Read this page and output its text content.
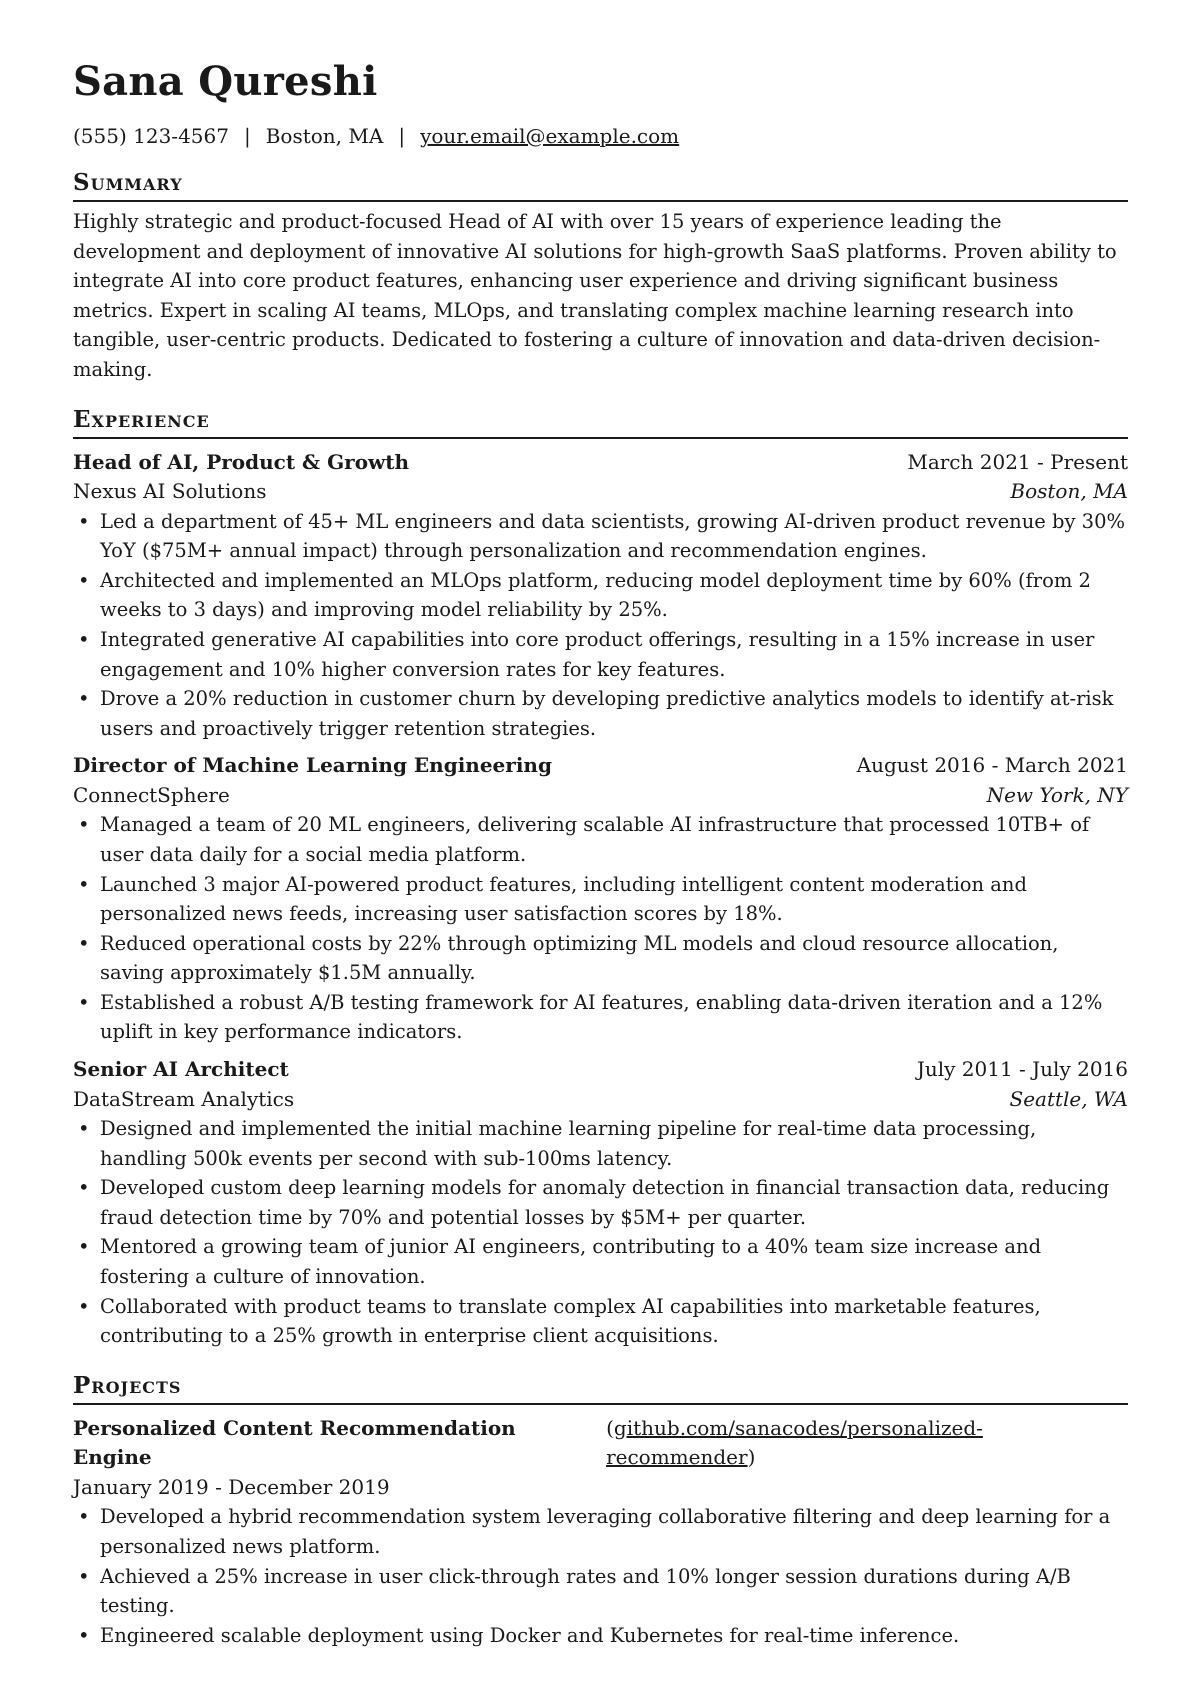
Sana Qureshi
(555) 123-4567 | Boston, MA | your.email@example.com
Summary

Highly strategic and product-focused Head of AI with over 15 years of experience leading the development and deployment of innovative AI solutions for high-growth SaaS platforms. Proven ability to integrate AI into core product features, enhancing user experience and driving significant business metrics. Expert in scaling AI teams, MLOps, and translating complex machine learning research into tangible, user-centric products. Dedicated to fostering a culture of innovation and data-driven decision-making.

Experience
Head of AI, Product & Growth	March 2021 - Present
Nexus AI Solutions	Boston, MA
• Led a department of 45+ ML engineers and data scientists, growing AI-driven product revenue by 30% YoY ($75M+ annual impact) through personalization and recommendation engines.
• Architected and implemented an MLOps platform, reducing model deployment time by 60% (from 2 weeks to 3 days) and improving model reliability by 25%.
• Integrated generative AI capabilities into core product offerings, resulting in a 15% increase in user engagement and 10% higher conversion rates for key features.
• Drove a 20% reduction in customer churn by developing predictive analytics models to identify at-risk users and proactively trigger retention strategies.
Director of Machine Learning Engineering	August 2016 - March 2021
ConnectSphere	New York, NY
• Managed a team of 20 ML engineers, delivering scalable AI infrastructure that processed 10TB+ of user data daily for a social media platform.
• Launched 3 major AI-powered product features, including intelligent content moderation and personalized news feeds, increasing user satisfaction scores by 18%.
• Reduced operational costs by 22% through optimizing ML models and cloud resource allocation, saving approximately $1.5M annually.
• Established a robust A/B testing framework for AI features, enabling data-driven iteration and a 12% uplift in key performance indicators.
Senior AI Architect	July 2011 - July 2016
DataStream Analytics	Seattle, WA
• Designed and implemented the initial machine learning pipeline for real-time data processing, handling 500k events per second with sub-100ms latency.
• Developed custom deep learning models for anomaly detection in financial transaction data, reducing fraud detection time by 70% and potential losses by $5M+ per quarter.
• Mentored a growing team of junior AI engineers, contributing to a 40% team size increase and fostering a culture of innovation.
• Collaborated with product teams to translate complex AI capabilities into marketable features, contributing to a 25% growth in enterprise client acquisitions.
Projects
Personalized Content Recommendation Engine
(github.com/sanacodes/personalized-recommender)
January 2019 - December 2019
• Developed a hybrid recommendation system leveraging collaborative filtering and deep learning for a personalized news platform.
• Achieved a 25% increase in user click-through rates and 10% longer session durations during A/B testing.
• Engineered scalable deployment using Docker and Kubernetes for real-time inference.
